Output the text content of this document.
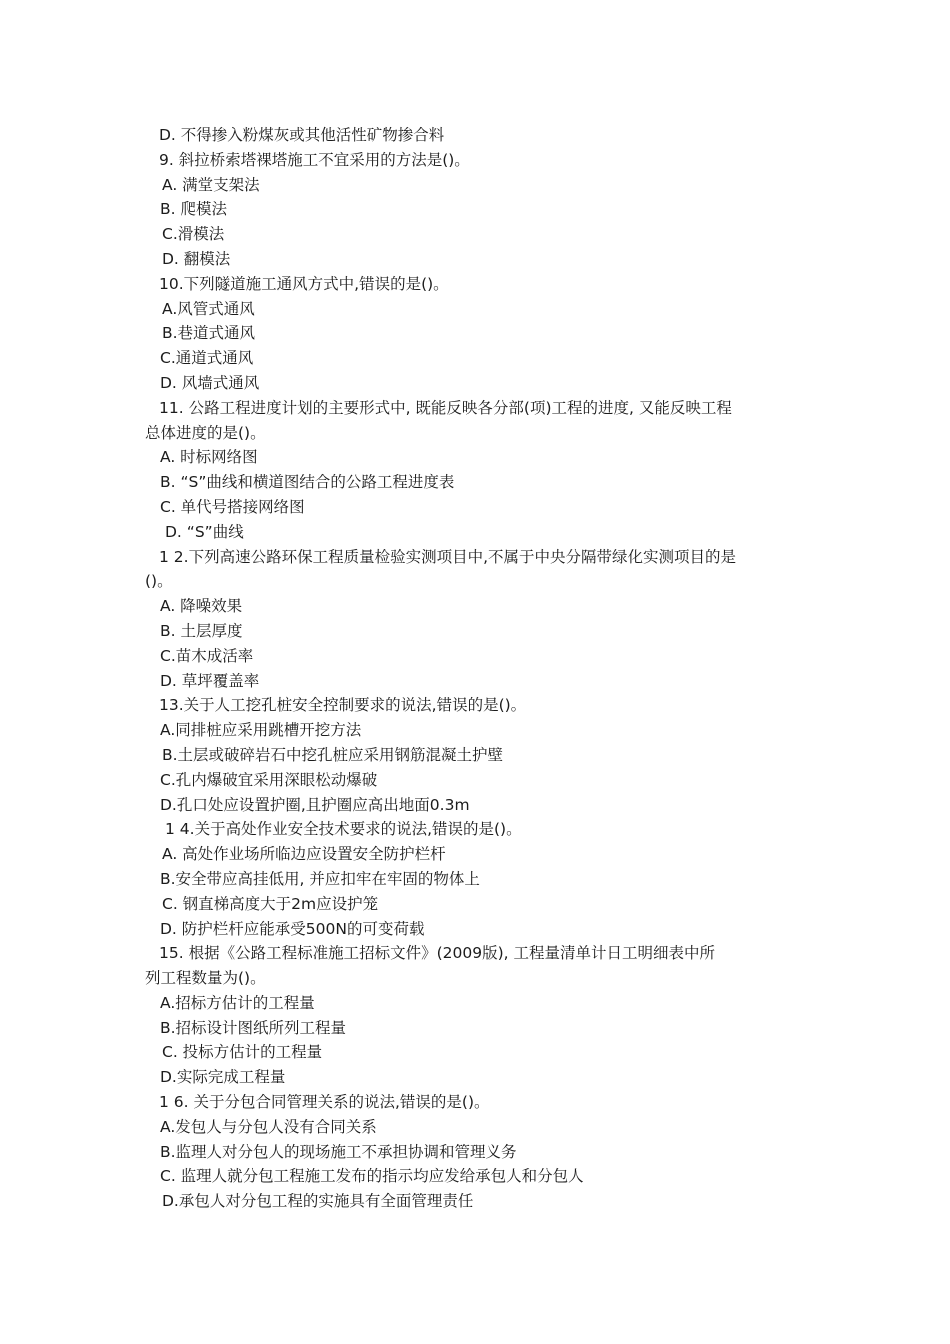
D. 不得掺入粉煤灰或其他活性矿物掺合料
9. 斜拉桥索塔裸塔施工不宜采用的方法是()。
A. 满堂支架法
B. 爬模法
C.滑模法
D. 翻模法
10.下列隧道施工通风方式中,错误的是()。
A.风管式通风
B.巷道式通风
C.通道式通风
D. 风墙式通风
11. 公路工程进度计划的主要形式中, 既能反映各分部(项)工程的进度, 又能反映工程
总体进度的是()。
A. 时标网络图
B. “S”曲线和横道图结合的公路工程进度表
C. 单代号搭接网络图
D. “S”曲线
1 2.下列高速公路环保工程质量检验实测项目中,不属于中央分隔带绿化实测项目的是
()。
A. 降噪效果
B. 土层厚度
C.苗木成活率
D. 草坪覆盖率
13.关于人工挖孔桩安全控制要求的说法,错误的是()。
A.同排桩应采用跳槽开挖方法
B.土层或破碎岩石中挖孔桩应采用钢筋混凝土护壁
C.孔内爆破宜采用深眼松动爆破
D.孔口处应设置护圈,且护圈应高出地面0.3m
1 4.关于高处作业安全技术要求的说法,错误的是()。
A. 高处作业场所临边应设置安全防护栏杆
B.安全带应高挂低用, 并应扣牢在牢固的物体上
C. 钢直梯高度大于2m应设护笼
D. 防护栏杆应能承受500N的可变荷载
15. 根据《公路工程标准施工招标文件》(2009版), 工程量清单计日工明细表中所
列工程数量为()。
A.招标方估计的工程量
B.招标设计图纸所列工程量
C. 投标方估计的工程量
D.实际完成工程量
1 6. 关于分包合同管理关系的说法,错误的是()。
A.发包人与分包人没有合同关系
B.监理人对分包人的现场施工不承担协调和管理义务
C. 监理人就分包工程施工发布的指示均应发给承包人和分包人
D.承包人对分包工程的实施具有全面管理责任
